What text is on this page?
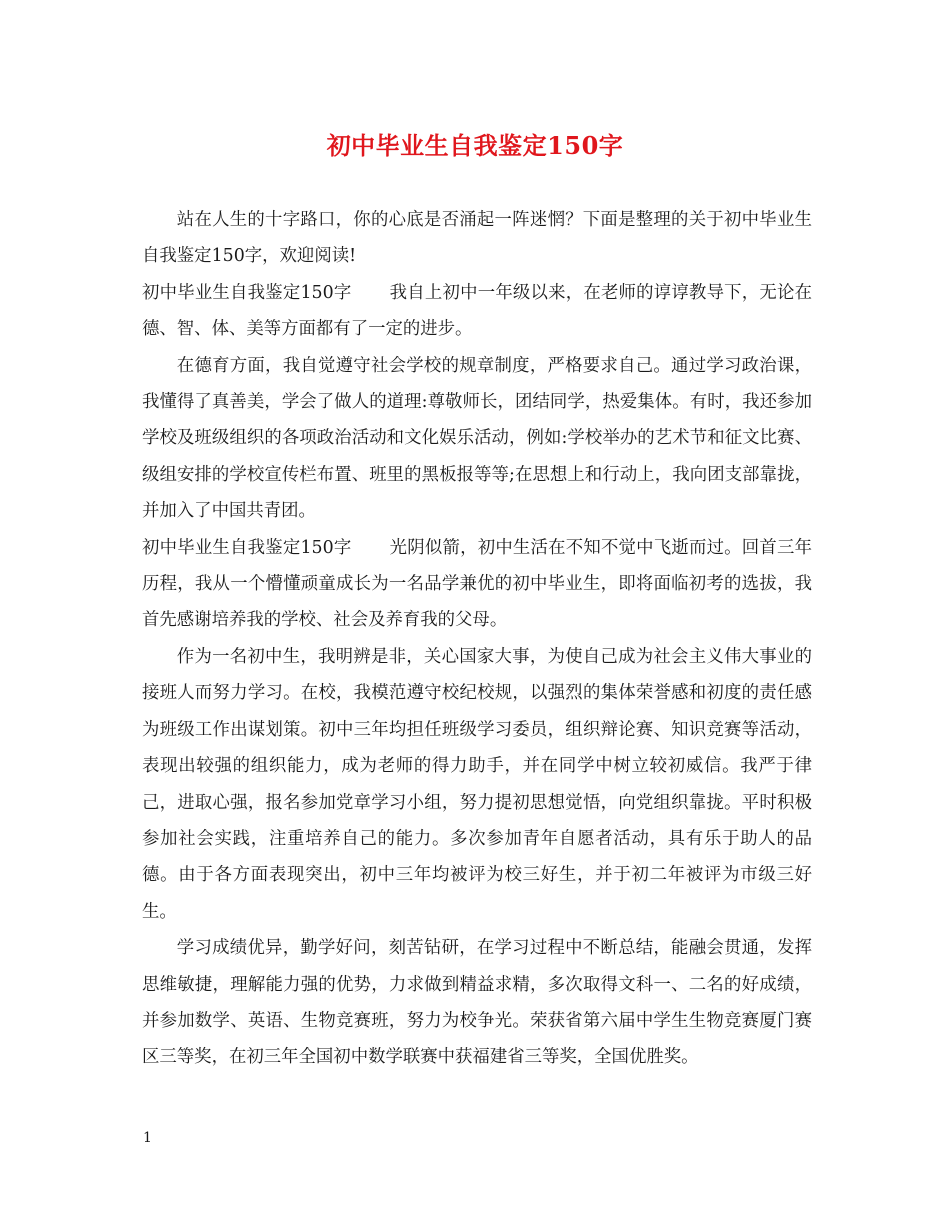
初中毕业生自我鉴定150字

站在人生的十字路口，你的心底是否涌起一阵迷惘？下面是整理的关于初中毕业生自我鉴定150字，欢迎阅读!

初中毕业生自我鉴定150字 我自上初中一年级以来，在老师的谆谆教导下，无论在德、智、体、美等方面都有了一定的进步。

在德育方面，我自觉遵守社会学校的规章制度，严格要求自己。通过学习政治课，我懂得了真善美，学会了做人的道理:尊敬师长，团结同学，热爱集体。有时，我还参加学校及班级组织的各项政治活动和文化娱乐活动，例如:学校举办的艺术节和征文比赛、级组安排的学校宣传栏布置、班里的黑板报等等;在思想上和行动上，我向团支部靠拢，并加入了中国共青团。

初中毕业生自我鉴定150字 光阴似箭，初中生活在不知不觉中飞逝而过。回首三年历程，我从一个懵懂顽童成长为一名品学兼优的初中毕业生，即将面临初考的选拔，我首先感谢培养我的学校、社会及养育我的父母。

作为一名初中生，我明辨是非，关心国家大事，为使自己成为社会主义伟大事业的接班人而努力学习。在校，我模范遵守校纪校规，以强烈的集体荣誉感和初度的责任感为班级工作出谋划策。初中三年均担任班级学习委员，组织辩论赛、知识竞赛等活动，表现出较强的组织能力，成为老师的得力助手，并在同学中树立较初威信。我严于律己，进取心强，报名参加党章学习小组，努力提初思想觉悟，向党组织靠拢。平时积极参加社会实践，注重培养自己的能力。多次参加青年自愿者活动，具有乐于助人的品德。由于各方面表现突出，初中三年均被评为校三好生，并于初二年被评为市级三好生。

学习成绩优异，勤学好问，刻苦钻研，在学习过程中不断总结，能融会贯通，发挥思维敏捷，理解能力强的优势，力求做到精益求精，多次取得文科一、二名的好成绩，并参加数学、英语、生物竞赛班，努力为校争光。荣获省第六届中学生生物竞赛厦门赛区三等奖，在初三年全国初中数学联赛中获福建省三等奖，全国优胜奖。

1
